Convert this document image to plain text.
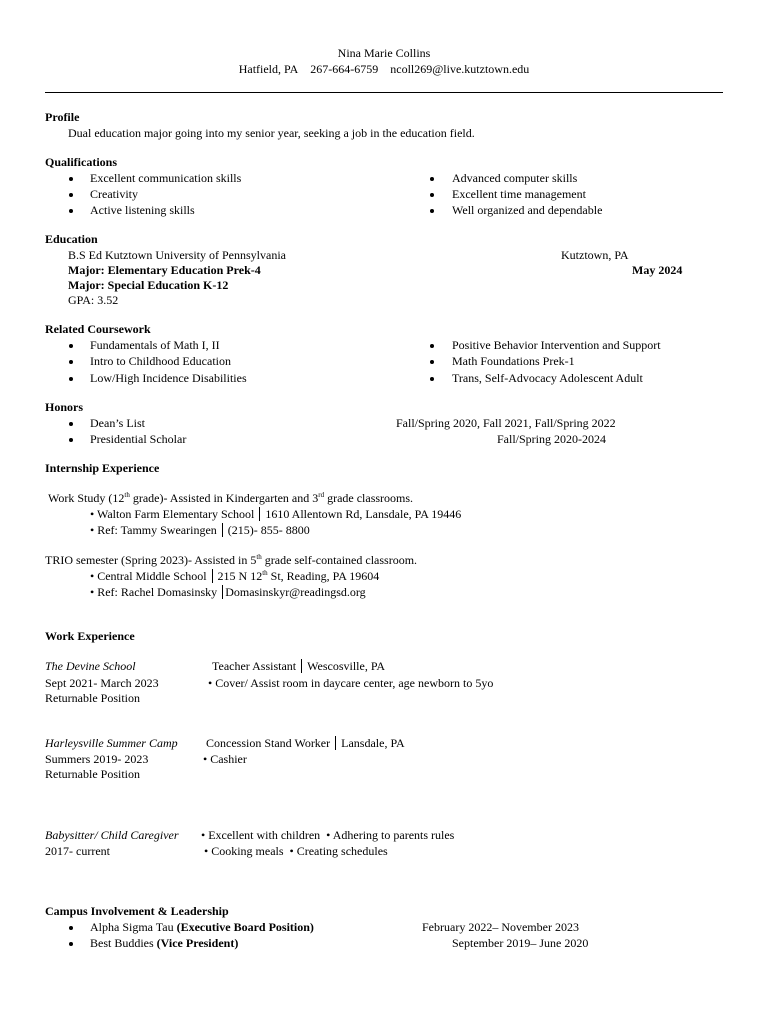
Nina Marie Collins
Hatfield, PA 267-664-6759 ncoll269@live.kutztown.edu
Profile
Dual education major going into my senior year, seeking a job in the education field.
Qualifications
Excellent communication skills
Creativity
Active listening skills
Advanced computer skills
Excellent time management
Well organized and dependable
Education
B.S Ed Kutztown University of Pennsylvania	Kutztown, PA
Major: Elementary Education Prek-4	May 2024
Major: Special Education K-12
GPA: 3.52
Related Coursework
Fundamentals of Math I, II
Intro to Childhood Education
Low/High Incidence Disabilities
Positive Behavior Intervention and Support
Math Foundations Prek-1
Trans, Self-Advocacy Adolescent Adult
Honors
Dean’s List	Fall/Spring 2020, Fall 2021, Fall/Spring 2022
Presidential Scholar	Fall/Spring 2020-2024
Internship Experience
Work Study (12th grade)- Assisted in Kindergarten and 3rd grade classrooms.
• Walton Farm Elementary School 1610 Allentown Rd, Lansdale, PA 19446
• Ref: Tammy Swearingen (215)- 855- 8800
TRIO semester (Spring 2023)- Assisted in 5th grade self-contained classroom.
• Central Middle School 215 N 12th St, Reading, PA 19604
• Ref: Rachel Domasinsky Domasinskyr@readingsd.org
Work Experience
The Devine School	Teacher Assistant Wescosville, PA
Sept 2021- March 2023	• Cover/ Assist room in daycare center, age newborn to 5yo
Returnable Position
Harleysville Summer Camp Concession Stand Worker Lansdale, PA
Summers 2019- 2023	• Cashier
Returnable Position
Babysitter/ Child Caregiver • Excellent with children  • Adhering to parents rules
2017- current	• Cooking meals  • Creating schedules
Campus Involvement & Leadership
Alpha Sigma Tau (Executive Board Position)	February 2022– November 2023
Best Buddies (Vice President)	September 2019– June 2020
